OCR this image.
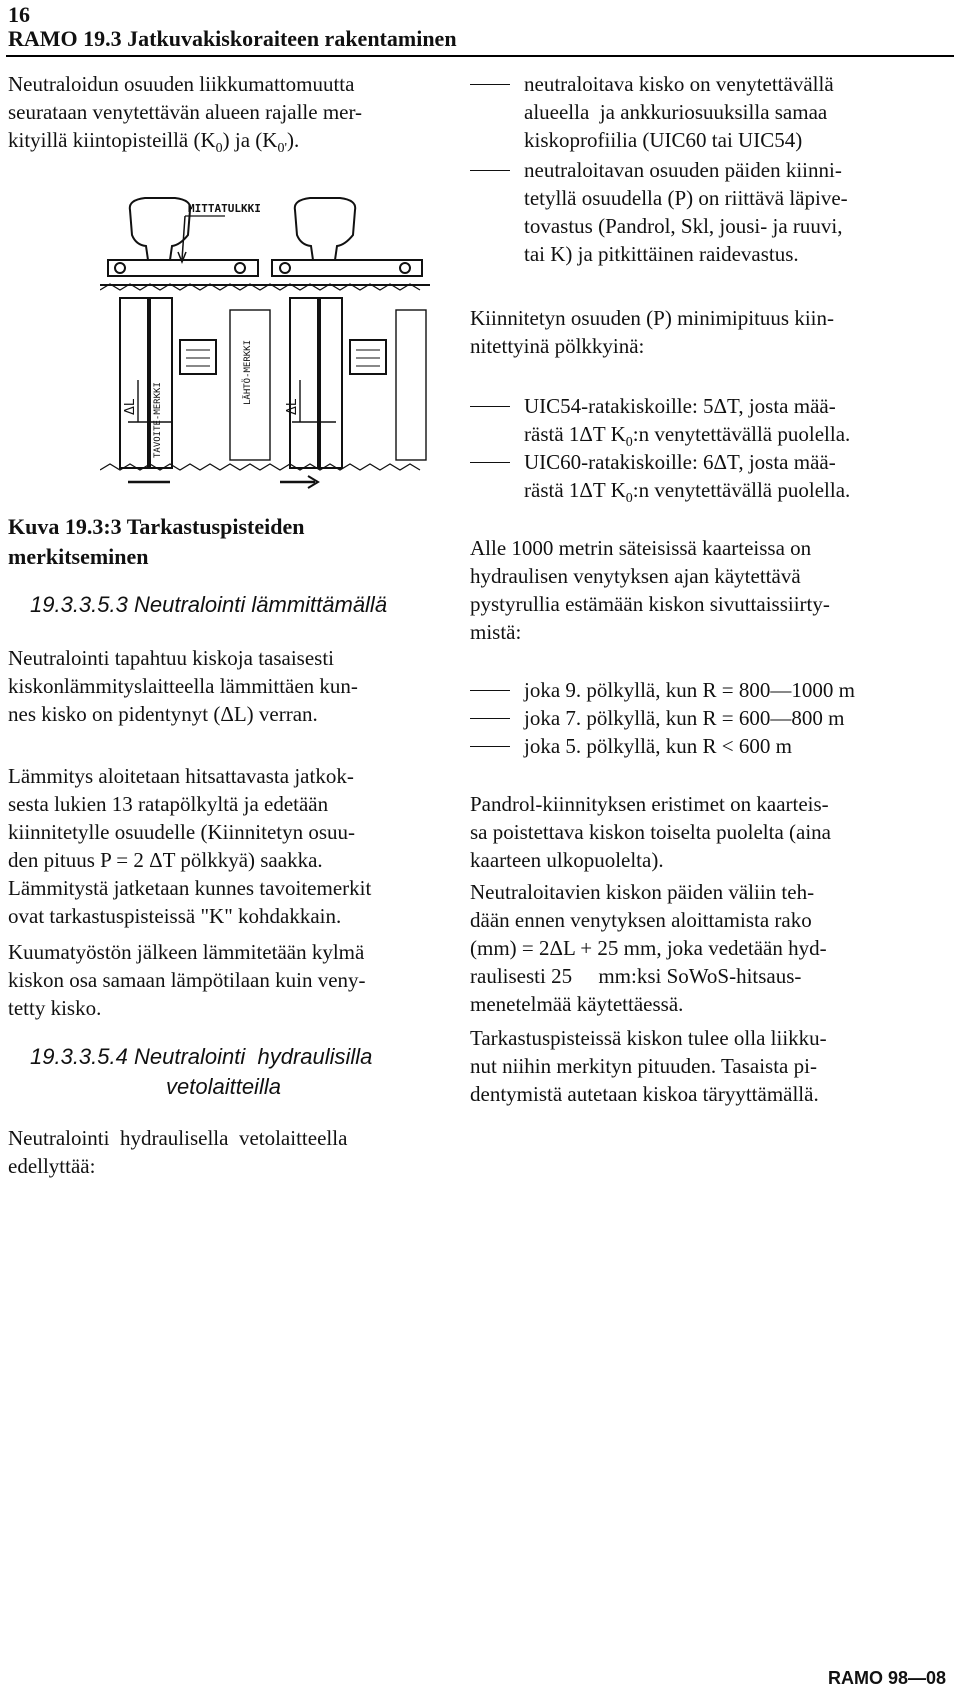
16
RAMO 19.3 Jatkuvakiskoraiteen rakentaminen
Neutraloidun osuuden liikkumattomuutta
seurataan venytettävän alueen rajalle mer-
kityillä kiintopisteillä $(K_0)$ ja $(K_{0'})$.
MITTATULKKI
ΔL	ΔL
LÄHTÖ-MERKKI
TAVOITE-MERKKI
Kuva 19.3:3 Tarkastuspisteiden
merkitseminen
19.3.3.5.3 Neutralointi lämmittämällä
Neutralointi tapahtuu kiskoja tasaisesti
kiskonlämmityslaitteella lämmittäen kun-
nes kisko on pidentynyt (ΔL) verran.
Lämmitys aloitetaan hitsattavasta jatkok-
sesta lukien 13 ratapölkyltä ja edetään
kiinnitetylle osuudelle (Kiinnitetyn osuu-
den pituus P = 2 ΔT pölkkyä) saakka.
Lämmitystä jatketaan kunnes tavoitemerkit
ovat tarkastuspisteissä "K" kohdakkain.
Kuumatyöstön jälkeen lämmitetään kylmä
kiskon osa samaan lämpötilaan kuin veny-
tetty kisko.
19.3.3.5.4 Neutralointi  hydraulisilla
vetolaitteilla
Neutralointi  hydraulisella  vetolaitteella
edellyttää:
neutraloitava kisko on venytettävällä
alueella  ja ankkuriosuuksilla samaa
kiskoprofiilia (UIC60 tai UIC54)
neutraloitavan osuuden päiden kiinni-
tetyllä osuudella (P) on riittävä läpive-
tovastus (Pandrol, Skl, jousi- ja ruuvi,
tai K) ja pitkittäinen raidevastus.
Kiinnitetyn osuuden (P) minimipituus kiin-
nitettyinä pölkkyinä:
UIC54-ratakiskoille: 5ΔT, josta mää-
rästä 1ΔT $K_0:n$ venytettävällä puolella.
UIC60-ratakiskoille: 6ΔT, josta mää-
rästä 1ΔT $K_0:n$ venytettävällä puolella.
Alle 1000 metrin säteisissä kaarteissa on
hydraulisen venytyksen ajan käytettävä
pystyrullia estämään kiskon sivuttaissiirty-
mistä:
joka 9. pölkyllä, kun R = 800—1000 m
joka 7. pölkyllä, kun R = 600—800 m
joka 5. pölkyllä, kun R < 600 m
Pandrol-kiinnityksen eristimet on kaarteis-
sa poistettava kiskon toiselta puolelta (aina
kaarteen ulkopuolelta).
Neutraloitavien kiskon päiden väliin teh-
dään ennen venytyksen aloittamista rako
(mm) = 2ΔL + 25 mm, joka vedetään hyd-
raulisesti 25     mm:ksi SoWoS-hitsaus-
menetelmää käytettäessä.
Tarkastuspisteissä kiskon tulee olla liikku-
nut niihin merkityn pituuden. Tasaista pi-
dentymistä autetaan kiskoa täryyttämällä.
RAMO 98—08
